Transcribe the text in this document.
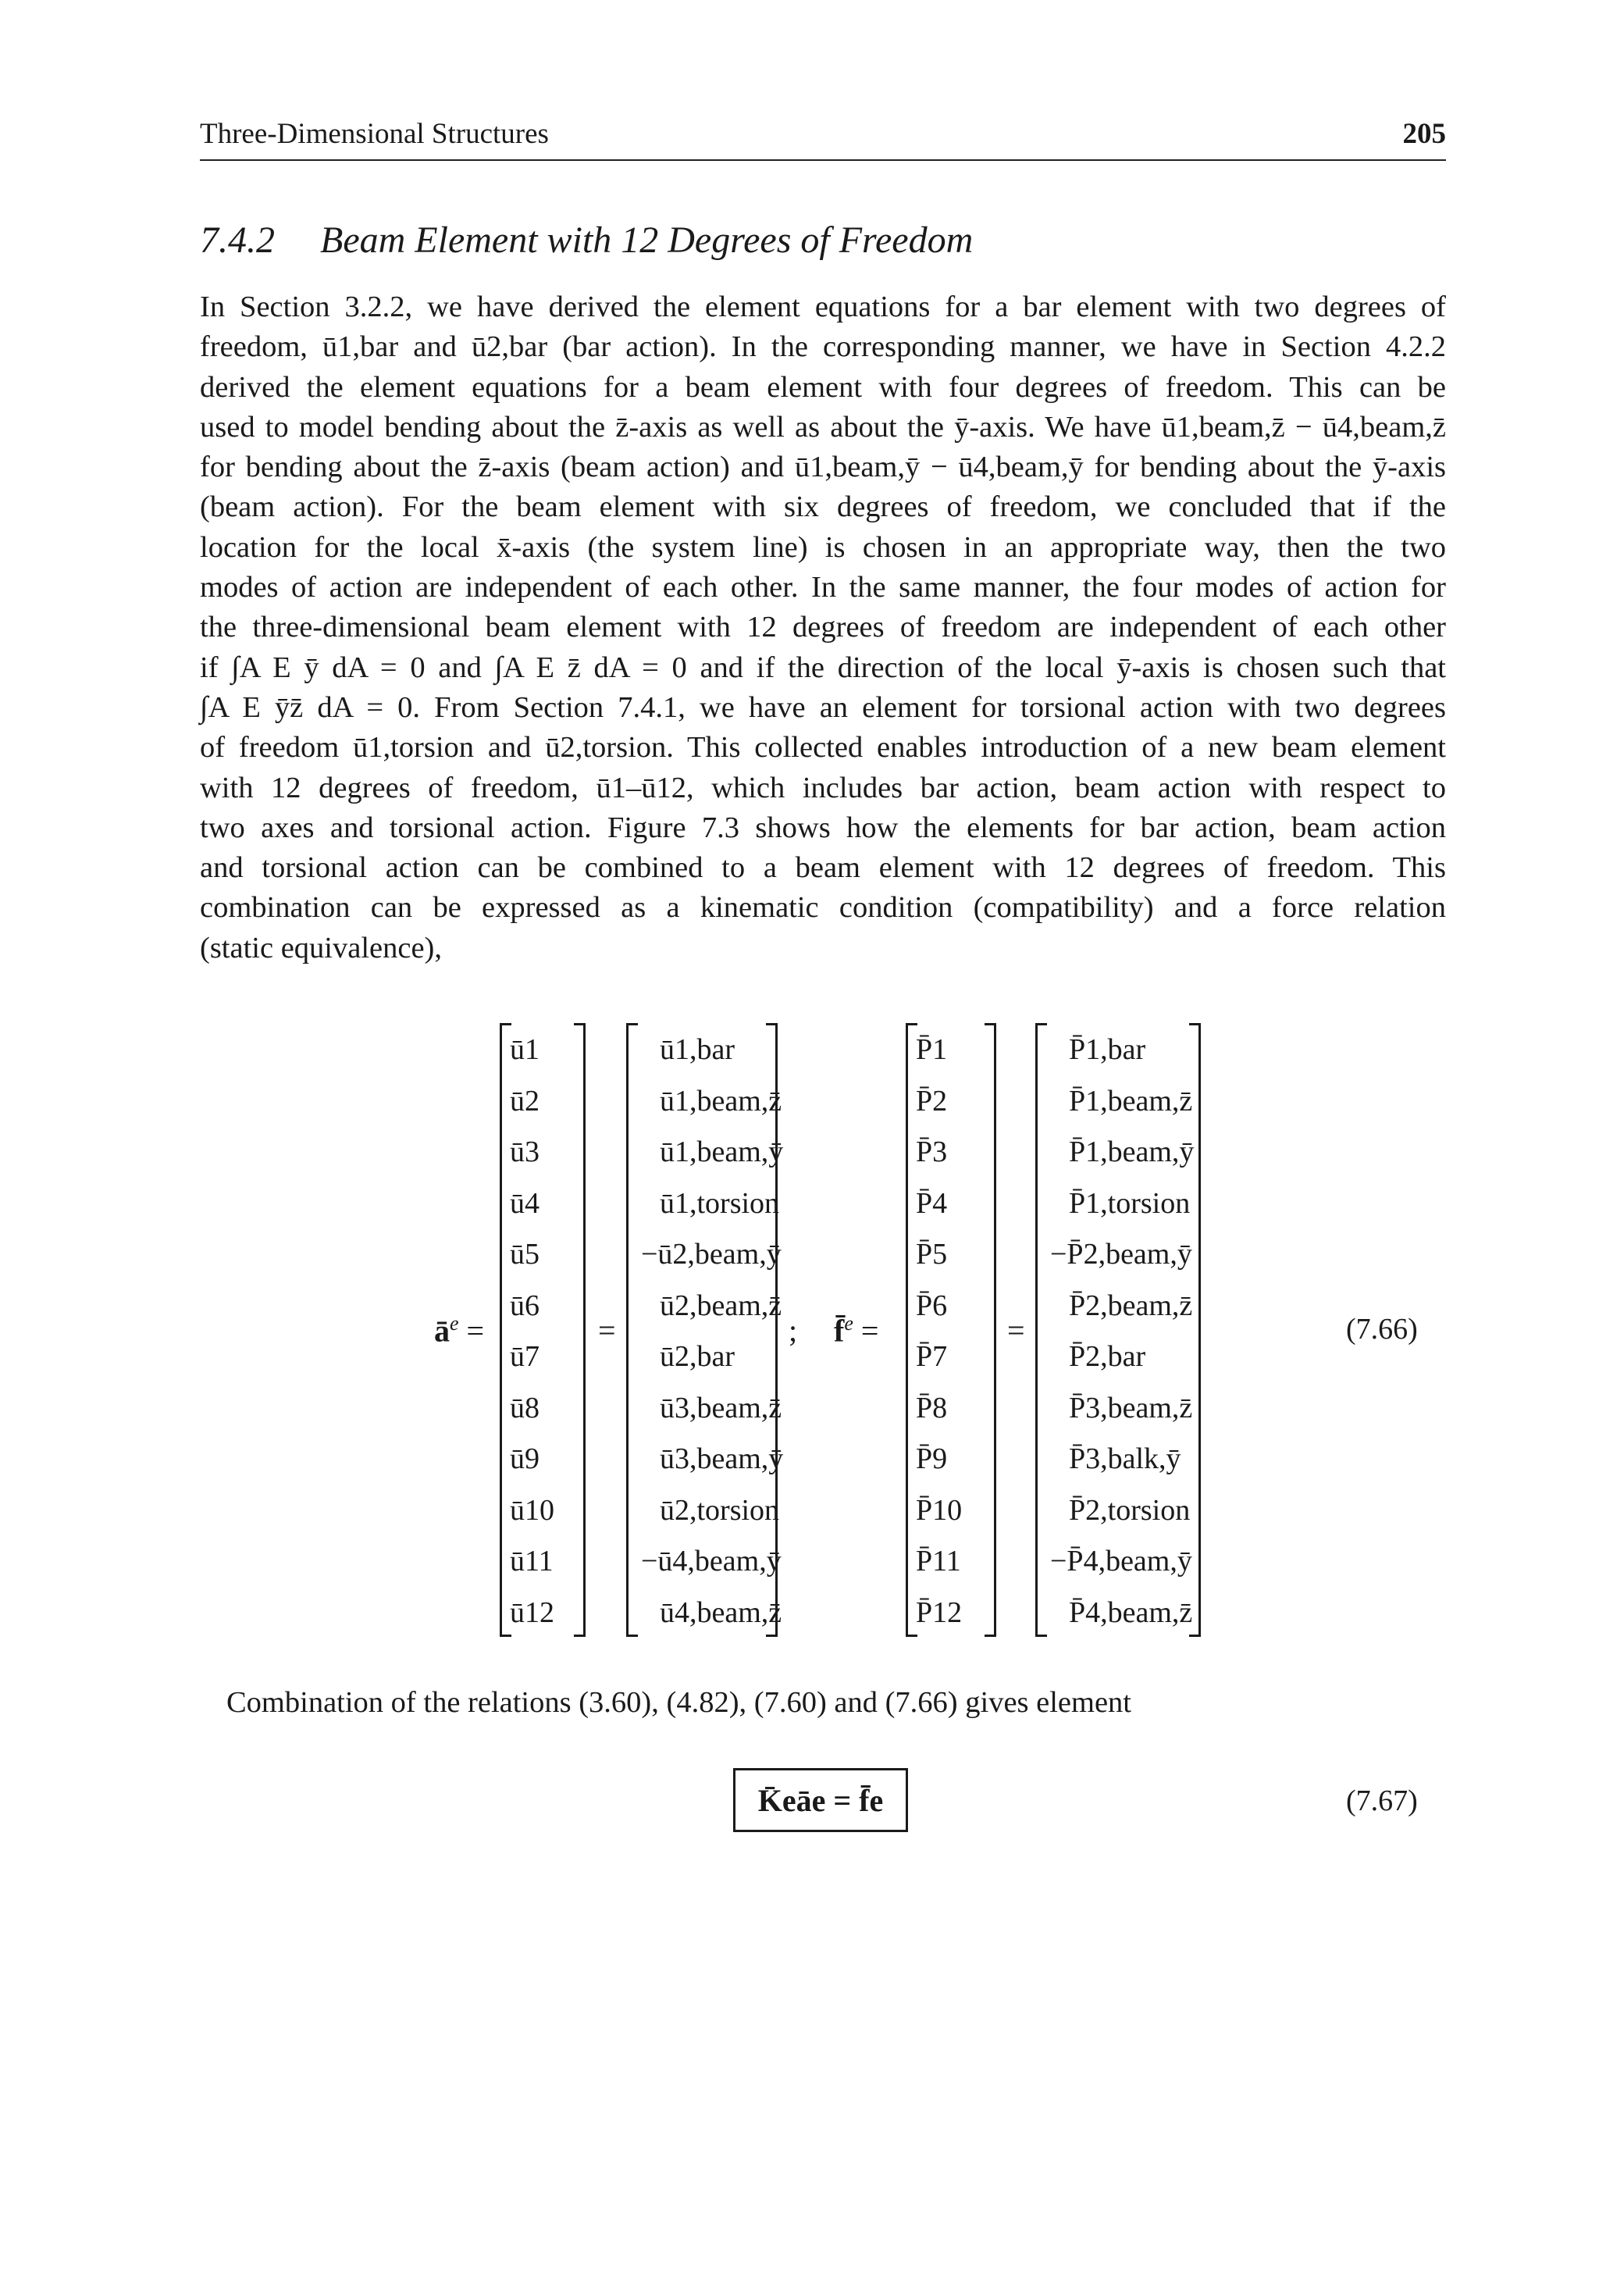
Three-Dimensional Structures	205
7.4.2 Beam Element with 12 Degrees of Freedom
In Section 3.2.2, we have derived the element equations for a bar element with two degrees of
freedom, ū1,bar and ū2,bar (bar action). In the corresponding manner, we have in Section 4.2.2
derived the element equations for a beam element with four degrees of freedom. This can be
used to model bending about the z̄-axis as well as about the ȳ-axis. We have ū1,beam,z̄ − ū4,beam,z̄
for bending about the z̄-axis (beam action) and ū1,beam,ȳ − ū4,beam,ȳ for bending about the ȳ-axis
(beam action). For the beam element with six degrees of freedom, we concluded that if the
location for the local x̄-axis (the system line) is chosen in an appropriate way, then the two
modes of action are independent of each other. In the same manner, the four modes of action for
the three-dimensional beam element with 12 degrees of freedom are independent of each other
if ∫A E ȳ dA = 0 and ∫A E z̄ dA = 0 and if the direction of the local ȳ-axis is chosen such that
∫A E ȳz̄ dA = 0. From Section 7.4.1, we have an element for torsional action with two degrees
of freedom ū1,torsion and ū2,torsion. This collected enables introduction of a new beam element
with 12 degrees of freedom, ū1–ū12, which includes bar action, beam action with respect to
two axes and torsional action. Figure 7.3 shows how the elements for bar action, beam action
and torsional action can be combined to a beam element with 12 degrees of freedom. This
combination can be expressed as a kinematic condition (compatibility) and a force relation
(static equivalence),
$ā^e$ =
ū1
ū2
ū3
ū4
ū5
ū6
ū7
ū8
ū9
ū10
ū11
ū12
=
ū1,bar
ū1,beam,z̄
ū1,beam,ȳ
ū1,torsion
−ū2,beam,ȳ
ū2,beam,z̄
ū2,bar
ū3,beam,z̄
ū3,beam,ȳ
ū2,torsion
−ū4,beam,ȳ
ū4,beam,z̄
; f̄$^e$ =
P̄1
P̄2
P̄3
P̄4
P̄5
P̄6
P̄7
P̄8
P̄9
P̄10
P̄11
P̄12
=
P̄1,bar
P̄1,beam,z̄
P̄1,beam,ȳ
P̄1,torsion
−P̄2,beam,ȳ
P̄2,beam,z̄
P̄2,bar
P̄3,beam,z̄
P̄3,balk,ȳ
P̄2,torsion
−P̄4,beam,ȳ
P̄4,beam,z̄
(7.66)
Combination of the relations (3.60), (4.82), (7.60) and (7.66) gives element
K̄eāe = f̄e	(7.67)
